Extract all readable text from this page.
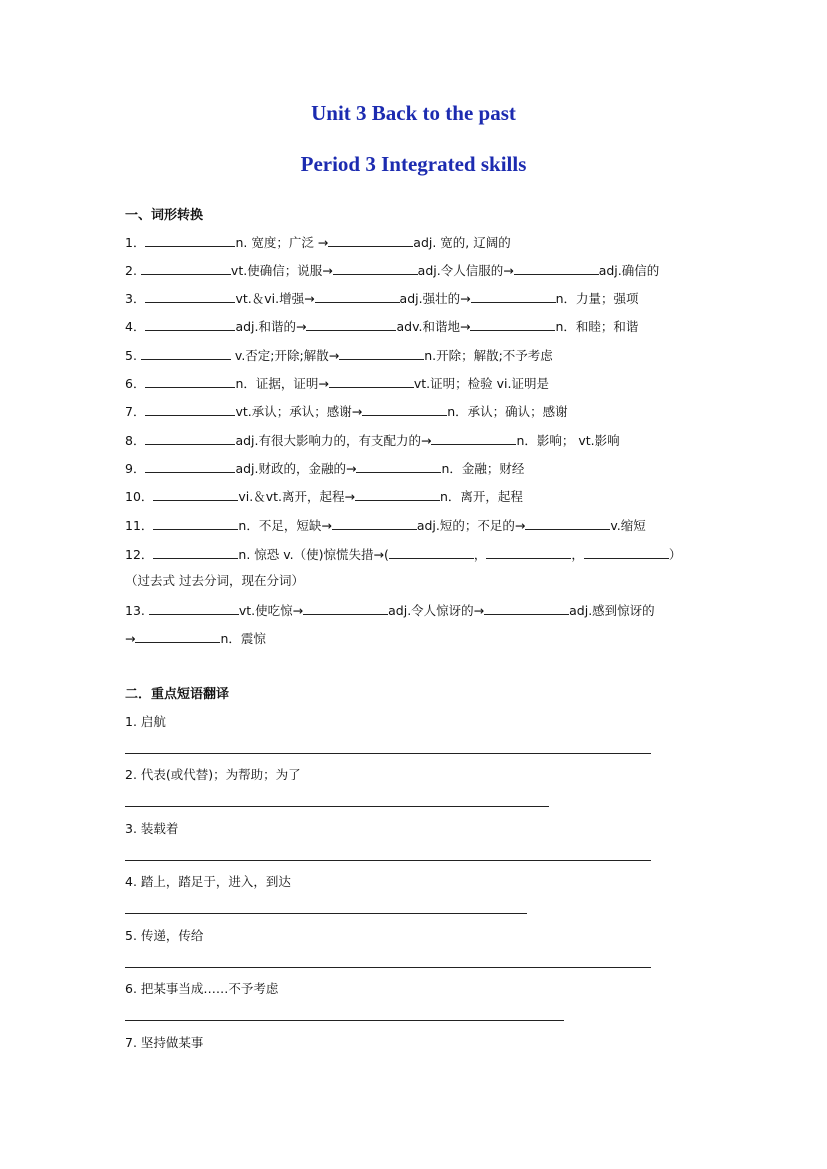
Unit 3 Back to the past
Period 3 Integrated skills
一、词形转换
1．	n. 宽度；广泛 →	adj. 宽的, 辽阔的
2.	vt.使确信；说服→	adj.令人信服的→	adj.确信的
3．	vt.＆vi.增强→	adj.强壮的→	n．力量；强项
4．	adj.和谐的→	adv.和谐地→	n．和睦；和谐
5.	v.否定;开除;解散→	n.开除；解散;不予考虑
6．	n．证据，证明→	vt.证明；检验 vi.证明是
7．	vt.承认；承认；感谢→	n．承认；确认；感谢
8．	adj.有很大影响力的，有支配力的→	n．影响； vt.影响
9．	adj.财政的，金融的→	n．金融；财经
10．	vi.＆vt.离开，起程→	n．离开，起程
11．	n．不足，短缺→	adj.短的；不足的→	v.缩短
12．	n. 惊恐 v.（使)惊慌失措→(	，	，	）
（过去式 过去分词，现在分词）
13.	vt.使吃惊→	adj.令人惊讶的→	adj.感到惊讶的
→	n．震惊
二．重点短语翻译
1. 启航
2. 代表(或代替)；为帮助；为了
3. 装载着
4. 踏上，踏足于，进入，到达
5. 传递，传给
6. 把某事当成……不予考虑
7. 坚持做某事
